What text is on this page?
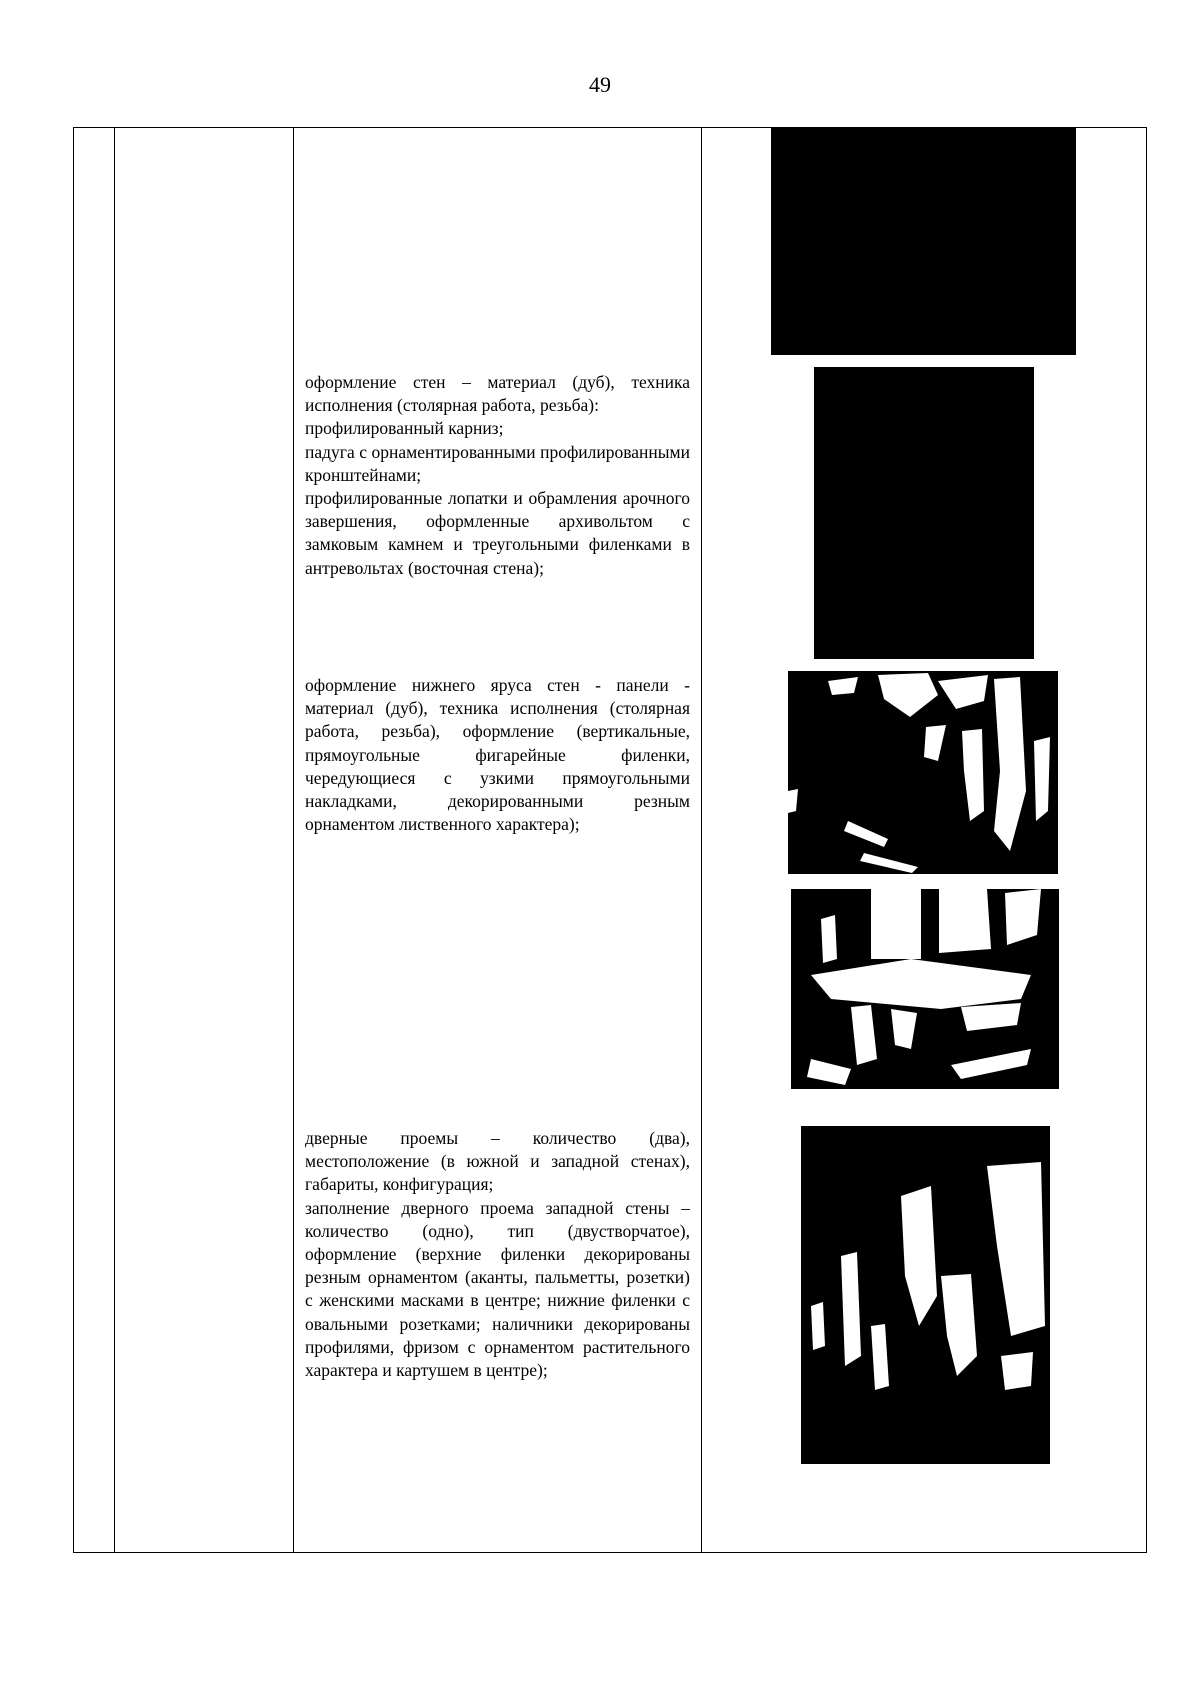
49

оформление стен – материал (дуб), техника исполнения (столярная работа, резьба):

профилированный карниз;

падуга с орнаментированными профилированными кронштейнами;

профилированные лопатки и обрамления арочного завершения, оформленные архивольтом с замковым камнем и треугольными филенками в антревольтах (восточная стена);

оформление нижнего яруса стен - панели - материал (дуб), техника исполнения (столярная работа, резьба), оформление (вертикальные, прямоугольные фигарейные филенки, чередующиеся с узкими прямоугольными накладками, декорированными резным орнаментом лиственного характера);

дверные проемы – количество (два), местоположение (в южной и западной стенах), габариты, конфигурация;

заполнение дверного проема западной стены – количество (одно), тип (двустворчатое), оформление (верхние филенки декорированы резным орнаментом (аканты, пальметты, розетки) с женскими масками в центре; нижние филенки с овальными розетками; наличники декорированы профилями, фризом с орнаментом растительного характера и картушем в центре);
